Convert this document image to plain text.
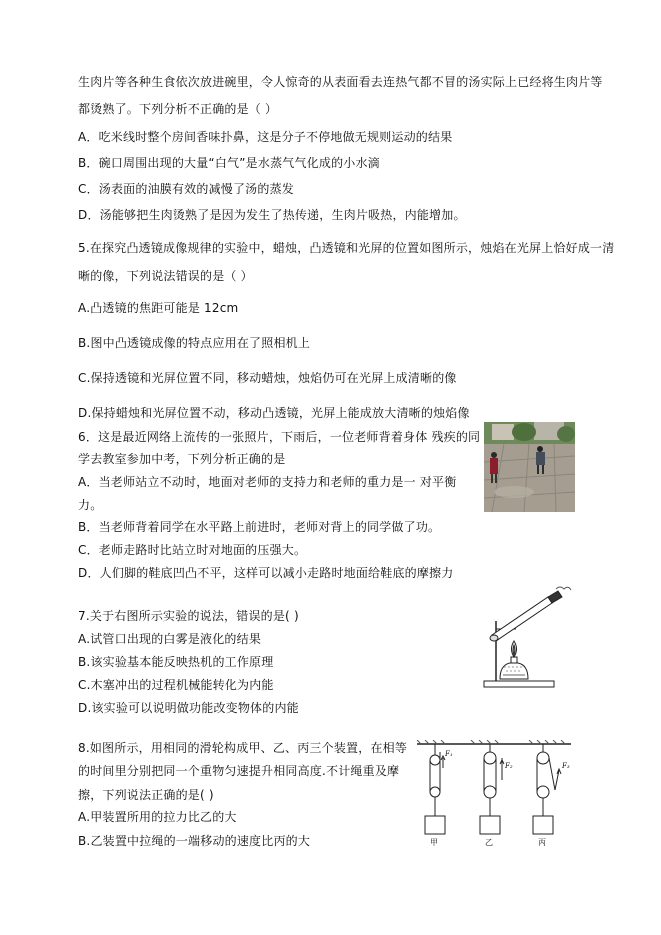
生肉片等各种生食依次放进碗里，令人惊奇的从表面看去连热气都不冒的汤实际上已经将生肉片等
都烫熟了。下列分析不正确的是（ ）
A．吃米线时整个房间香味扑鼻，这是分子不停地做无规则运动的结果
B．碗口周围出现的大量“白气”是水蒸气气化成的小水滴
C．汤表面的油膜有效的减慢了汤的蒸发
D．汤能够把生肉烫熟了是因为发生了热传递，生肉片吸热，内能增加。
5.在探究凸透镜成像规律的实验中，蜡烛，凸透镜和光屏的位置如图所示，烛焰在光屏上恰好成一清
晰的像，下列说法错误的是（ ）
A.凸透镜的焦距可能是 12cm
B.图中凸透镜成像的特点应用在了照相机上
C.保持透镜和光屏位置不同，移动蜡烛，烛焰仍可在光屏上成清晰的像
D.保持蜡烛和光屏位置不动，移动凸透镜，光屏上能成放大清晰的烛焰像
6．这是最近网络上流传的一张照片，下雨后，一位老师背着身体 残疾的同
学去教室参加中考，下列分析正确的是
A．当老师站立不动时，地面对老师的支持力和老师的重力是一 对平衡
力。
B．当老师背着同学在水平路上前进时，老师对背上的同学做了功。
C．老师走路时比站立时对地面的压强大。
D．人们脚的鞋底凹凸不平，这样可以减小走路时地面给鞋底的摩擦力
7.关于右图所示实验的说法，错误的是( )
A.试管口出现的白雾是液化的结果
B.该实验基本能反映热机的工作原理
C.木塞冲出的过程机械能转化为内能
D.该实验可以说明做功能改变物体的内能
8.如图所示，用相同的滑轮构成甲、乙、丙三个装置，在相等
的时间里分别把同一个重物匀速提升相同高度.不计绳重及摩
擦，下列说法正确的是( )
A.甲装置所用的拉力比乙的大
B.乙装置中拉绳的一端移动的速度比丙的大
F₁
F₂	F₃
甲	乙	丙
